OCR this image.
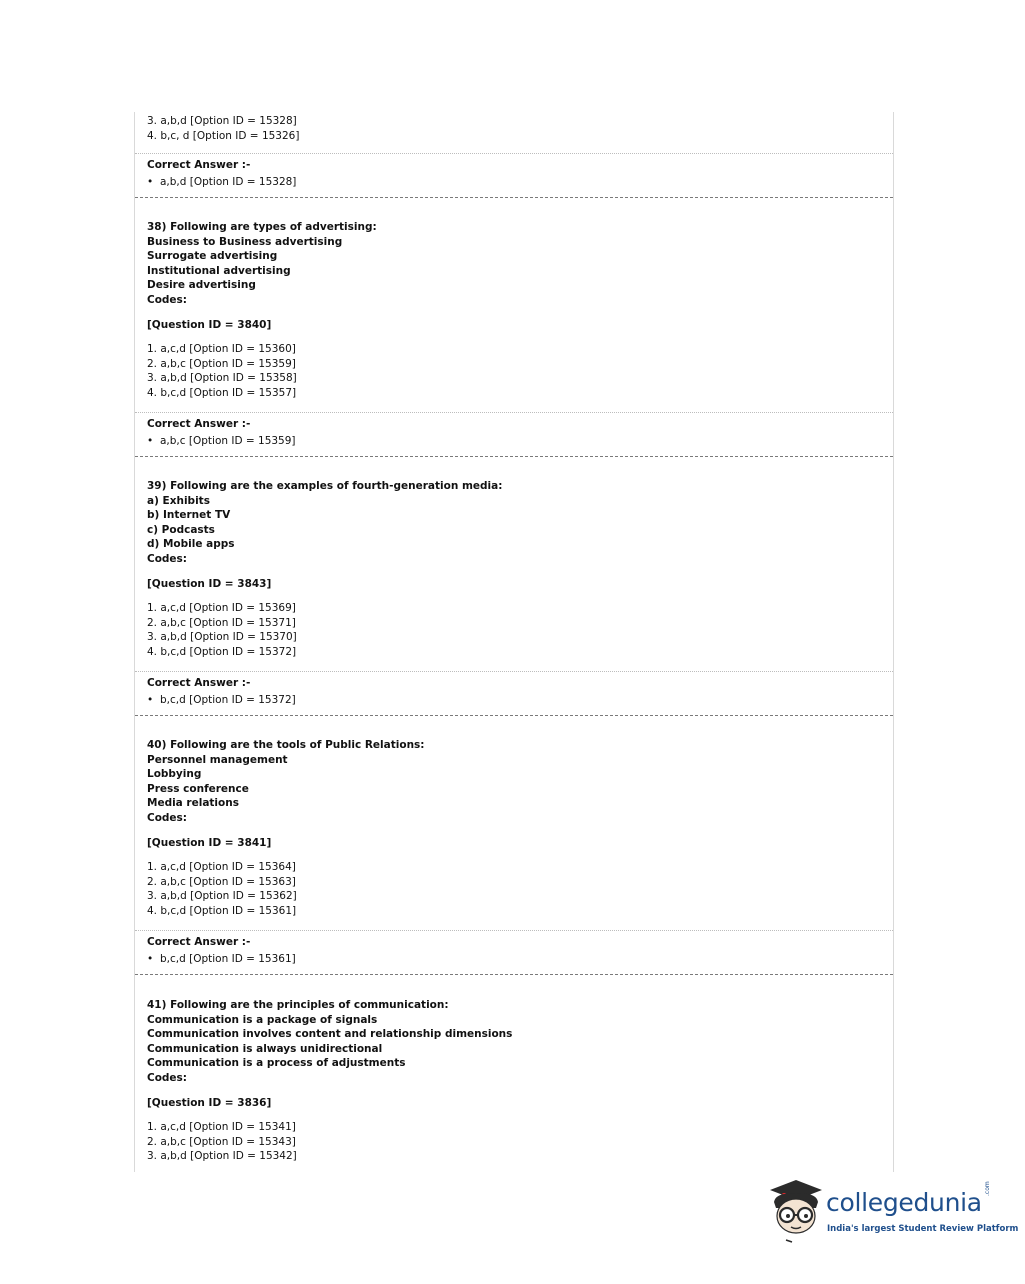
3. a,b,d [Option ID = 15328]
4. b,c, d [Option ID = 15326]
Correct Answer :-
• a,b,d [Option ID = 15328]
38) Following are types of advertising:
Business to Business advertising
Surrogate advertising
Institutional advertising
Desire advertising
Codes:
[Question ID = 3840]
1. a,c,d [Option ID = 15360]
2. a,b,c [Option ID = 15359]
3. a,b,d [Option ID = 15358]
4. b,c,d [Option ID = 15357]
Correct Answer :-
• a,b,c [Option ID = 15359]
39) Following are the examples of fourth-generation media:
a) Exhibits
b) Internet TV
c) Podcasts
d) Mobile apps
Codes:
[Question ID = 3843]
1. a,c,d [Option ID = 15369]
2. a,b,c [Option ID = 15371]
3. a,b,d [Option ID = 15370]
4. b,c,d [Option ID = 15372]
Correct Answer :-
• b,c,d [Option ID = 15372]
40) Following are the tools of Public Relations:
Personnel management
Lobbying
Press conference
Media relations
Codes:
[Question ID = 3841]
1. a,c,d [Option ID = 15364]
2. a,b,c [Option ID = 15363]
3. a,b,d [Option ID = 15362]
4. b,c,d [Option ID = 15361]
Correct Answer :-
• b,c,d [Option ID = 15361]
41) Following are the principles of communication:
Communication is a package of signals
Communication involves content and relationship dimensions
Communication is always unidirectional
Communication is a process of adjustments
Codes:
[Question ID = 3836]
1. a,c,d [Option ID = 15341]
2. a,b,c [Option ID = 15343]
3. a,b,d [Option ID = 15342]
collegedunia .com
India's largest Student Review Platform
